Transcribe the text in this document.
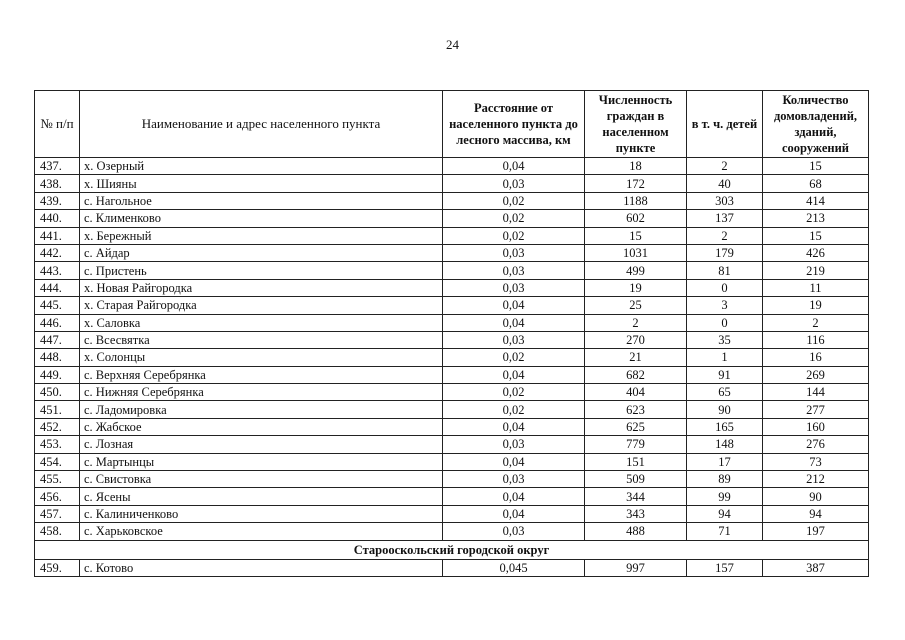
24
№ п/п	Наименование и адрес населенного пункта	Расстояние от населенного пункта до лесного массива, км	Численность граждан в населенном пункте	в т. ч. детей	Количество домовладений, зданий, сооружений
437.	х. Озерный	0,04	18	2	15
438.	х. Шияны	0,03	172	40	68
439.	с. Нагольное	0,02	1188	303	414
440.	с. Клименково	0,02	602	137	213
441.	х. Бережный	0,02	15	2	15
442.	с. Айдар	0,03	1031	179	426
443.	с. Пристень	0,03	499	81	219
444.	х. Новая Райгородка	0,03	19	0	11
445.	х. Старая Райгородка	0,04	25	3	19
446.	х. Саловка	0,04	2	0	2
447.	с. Всесвятка	0,03	270	35	116
448.	х. Солонцы	0,02	21	1	16
449.	с. Верхняя Серебрянка	0,04	682	91	269
450.	с. Нижняя Серебрянка	0,02	404	65	144
451.	с. Ладомировка	0,02	623	90	277
452.	с. Жабское	0,04	625	165	160
453.	с. Лозная	0,03	779	148	276
454.	с. Мартынцы	0,04	151	17	73
455.	с. Свистовка	0,03	509	89	212
456.	с. Ясены	0,04	344	99	90
457.	с. Калиниченково	0,04	343	94	94
458.	с. Харьковское	0,03	488	71	197
Старооскольский городской округ					
459.	с. Котово	0,045	997	157	387
